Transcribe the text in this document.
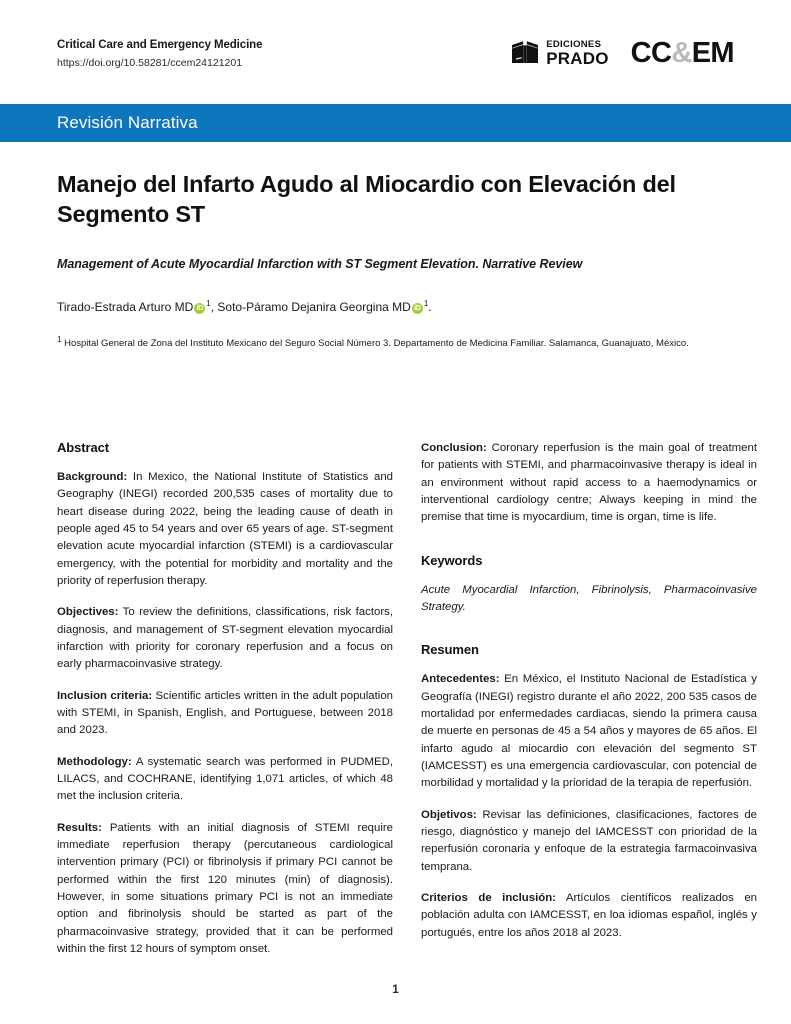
Critical Care and Emergency Medicine
https://doi.org/10.58281/ccem24121201
EDICIONES
PRADO CC&EM
Revisión Narrativa
Manejo del Infarto Agudo al Miocardio con Elevación del Segmento ST
Management of Acute Myocardial Infarction with ST Segment Elevation. Narrative Review
Tirado-Estrada Arturo MD $iD^1$, Soto-Páramo Dejanira Georgina MD $iD^1$.
$^1$ Hospital General de Zona del Instituto Mexicano del Seguro Social Número 3. Departamento de Medicina Familiar. Salamanca, Guanajuato, México.
Abstract

Background: In Mexico, the National Institute of Statistics and Geography (INEGI) recorded 200,535 cases of mortality due to heart disease during 2022, being the leading cause of death in people aged 45 to 54 years and over 65 years of age. ST-segment elevation acute myocardial infarction (STEMI) is a cardiovascular emergency, with the potential for morbidity and mortality and the priority of reperfusion therapy.

Objectives: To review the definitions, classifications, risk factors, diagnosis, and management of ST-segment elevation myocardial infarction with priority for coronary reperfusion and a focus on early pharmacoinvasive strategy.

Inclusion criteria: Scientific articles written in the adult population with STEMI, in Spanish, English, and Portuguese, between 2018 and 2023.

Methodology: A systematic search was performed in PUDMED, LILACS, and COCHRANE, identifying 1,071 articles, of which 48 met the inclusion criteria.

Results: Patients with an initial diagnosis of STEMI require immediate reperfusion therapy (percutaneous cardiological intervention primary (PCI) or fibrinolysis if primary PCI cannot be performed within the first 120 minutes (min) of diagnosis). However, in some situations primary PCI is not an immediate option and fibrinolysis should be started as part of the pharmacoinvasive strategy, provided that it can be performed within the first 12 hours of symptom onset.

Conclusion: Coronary reperfusion is the main goal of treatment for patients with STEMI, and pharmacoinvasive therapy is ideal in an environment without rapid access to a haemodynamics or interventional cardiology centre; Always keeping in mind the premise that time is myocardium, time is organ, time is life.

Keywords

Acute Myocardial Infarction, Fibrinolysis, Pharmacoinvasive Strategy.

Resumen

Antecedentes: En México, el Instituto Nacional de Estadística y Geografía (INEGI) registro durante el año 2022, 200 535 casos de mortalidad por enfermedades cardiacas, siendo la primera causa de muerte en personas de 45 a 54 años y mayores de 65 años. El infarto agudo al miocardio con elevación del segmento ST (IAMCESST) es una emergencia cardiovascular, con potencial de morbilidad y mortalidad y la prioridad de la terapia de reperfusión.

Objetivos: Revisar las definiciones, clasificaciones, factores de riesgo, diagnóstico y manejo del IAMCESST con prioridad de la reperfusión coronaria y enfoque de la estrategia farmacoinvasiva temprana.

Criterios de inclusión: Artículos científicos realizados en población adulta con IAMCESST, en loa idiomas español, inglés y portugués, entre los años 2018 al 2023.

1
